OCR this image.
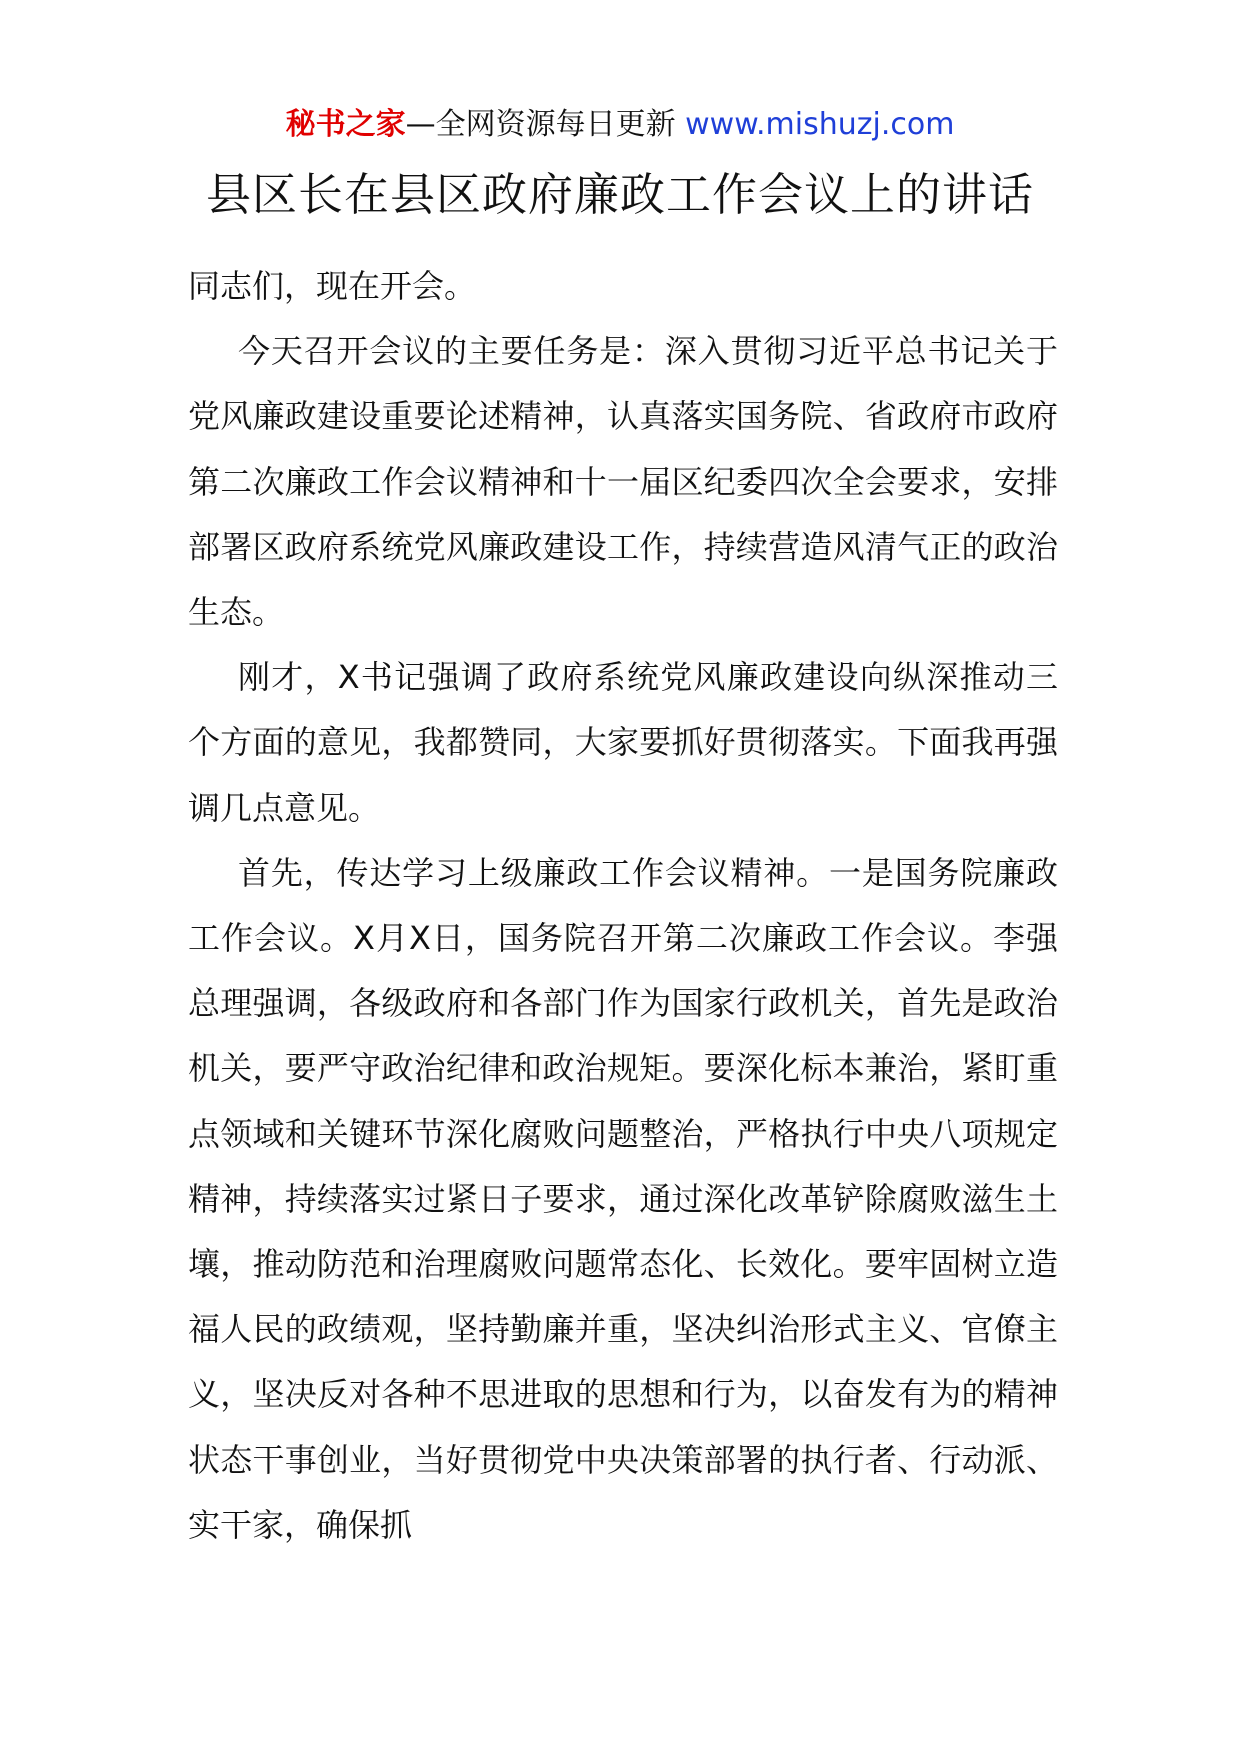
秘书之家—全网资源每日更新 www.mishuzj.com
县区长在县区政府廉政工作会议上的讲话

同志们，现在开会。

今天召开会议的主要任务是：深入贯彻习近平总书记关于党风廉政建设重要论述精神，认真落实国务院、省政府市政府第二次廉政工作会议精神和十一届区纪委四次全会要求，安排部署区政府系统党风廉政建设工作，持续营造风清气正的政治生态。

刚才，X书记强调了政府系统党风廉政建设向纵深推动三个方面的意见，我都赞同，大家要抓好贯彻落实。下面我再强调几点意见。

首先，传达学习上级廉政工作会议精神。一是国务院廉政工作会议。X月X日，国务院召开第二次廉政工作会议。李强总理强调，各级政府和各部门作为国家行政机关，首先是政治机关，要严守政治纪律和政治规矩。要深化标本兼治，紧盯重点领域和关键环节深化腐败问题整治，严格执行中央八项规定精神，持续落实过紧日子要求，通过深化改革铲除腐败滋生土壤，推动防范和治理腐败问题常态化、长效化。要牢固树立造福人民的政绩观，坚持勤廉并重，坚决纠治形式主义、官僚主义，坚决反对各种不思进取的思想和行为，以奋发有为的精神状态干事创业，当好贯彻党中央决策部署的执行者、行动派、实干家，确保抓
